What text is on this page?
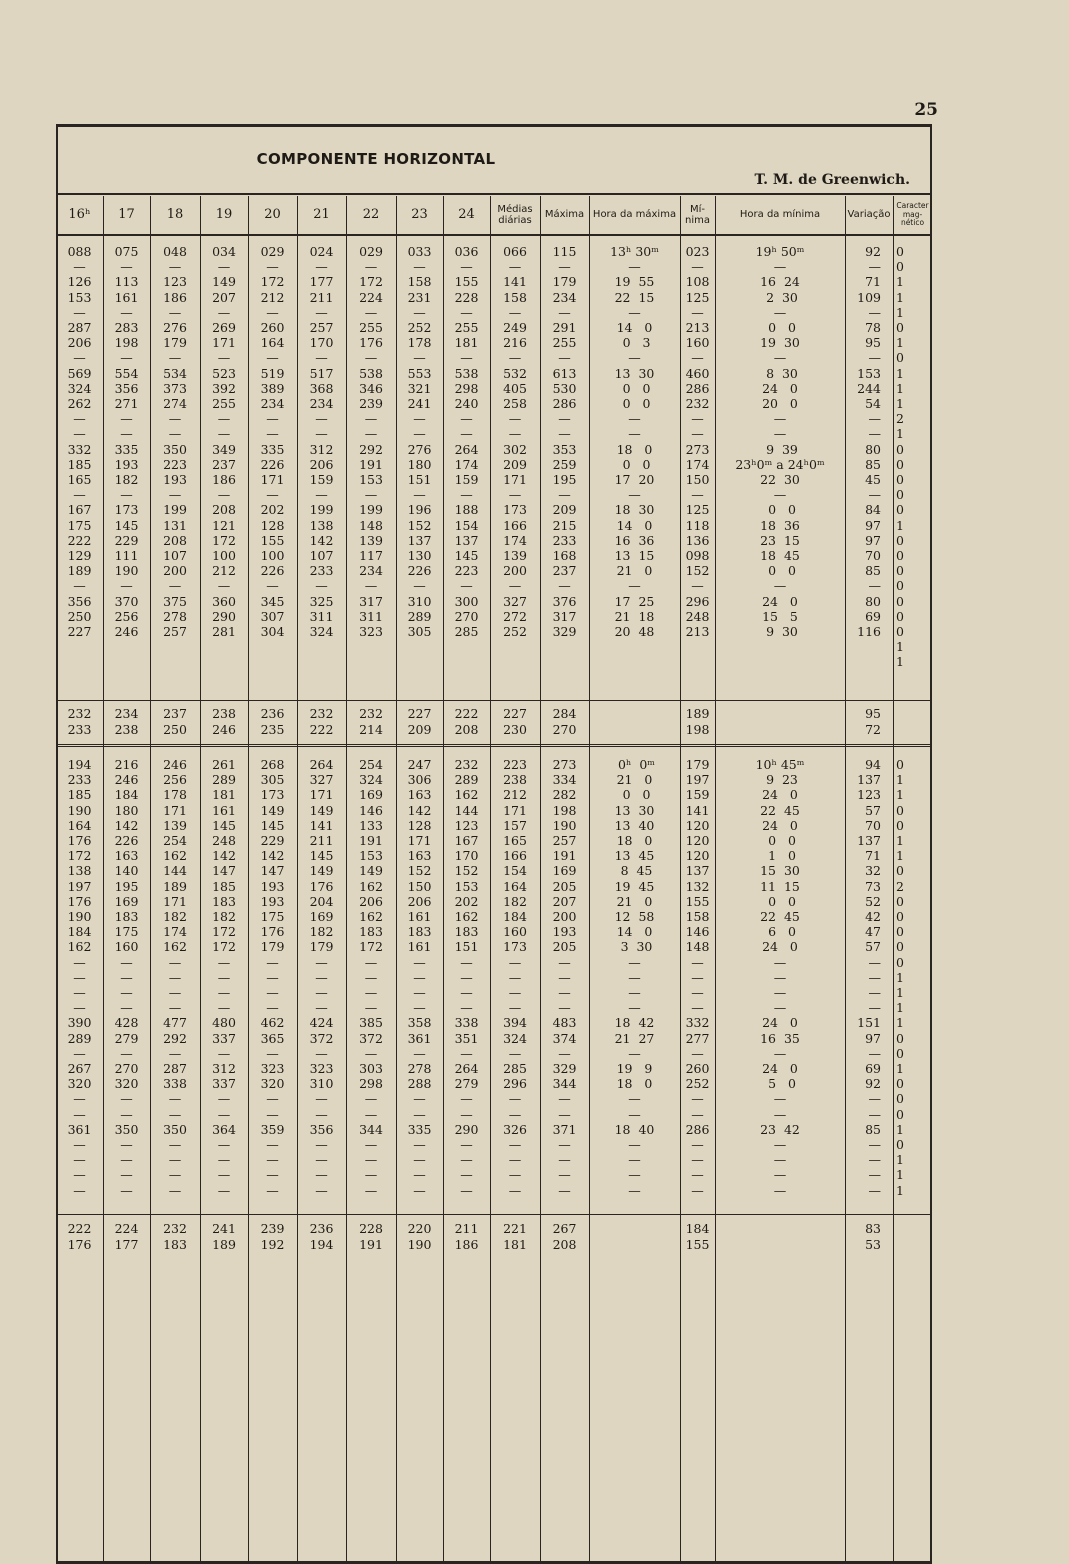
25
COMPONENTE HORIZONTAL
T. M. de Greenwich.
16ʰ
088
—
126
153
—
287
206
—
569
324
262
—
—
332
185
165
—
167
175
222
129
189
—
356
250
227
232
233
194
233
185
190
164
176
172
138
197
176
190
184
162
—
—
—
—
390
289
—
267
320
—
—
361
—
—
—
—
222
176
17
075
—
113
161
—
283
198
—
554
356
271
—
—
335
193
182
—
173
145
229
111
190
—
370
256
246
234
238
216
246
184
180
142
226
163
140
195
169
183
175
160
—
—
—
—
428
279
—
270
320
—
—
350
—
—
—
—
224
177
18
048
—
123
186
—
276
179
—
534
373
274
—
—
350
223
193
—
199
131
208
107
200
—
375
278
257
237
250
246
256
178
171
139
254
162
144
189
171
182
174
162
—
—
—
—
477
292
—
287
338
—
—
350
—
—
—
—
232
183
19
034
—
149
207
—
269
171
—
523
392
255
—
—
349
237
186
—
208
121
172
100
212
—
360
290
281
238
246
261
289
181
161
145
248
142
147
185
183
182
172
172
—
—
—
—
480
337
—
312
337
—
—
364
—
—
—
—
241
189
20
029
—
172
212
—
260
164
—
519
389
234
—
—
335
226
171
—
202
128
155
100
226
—
345
307
304
236
235
268
305
173
149
145
229
142
147
193
193
175
176
179
—
—
—
—
462
365
—
323
320
—
—
359
—
—
—
—
239
192
21
024
—
177
211
—
257
170
—
517
368
234
—
—
312
206
159
—
199
138
142
107
233
—
325
311
324
232
222
264
327
171
149
141
211
145
149
176
204
169
182
179
—
—
—
—
424
372
—
323
310
—
—
356
—
—
—
—
236
194
22
029
—
172
224
—
255
176
—
538
346
239
—
—
292
191
153
—
199
148
139
117
234
—
317
311
323
232
214
254
324
169
146
133
191
153
149
162
206
162
183
172
—
—
—
—
385
372
—
303
298
—
—
344
—
—
—
—
228
191
23
033
—
158
231
—
252
178
—
553
321
241
—
—
276
180
151
—
196
152
137
130
226
—
310
289
305
227
209
247
306
163
142
128
171
163
152
150
206
161
183
161
—
—
—
—
358
361
—
278
288
—
—
335
—
—
—
—
220
190
24
036
—
155
228
—
255
181
—
538
298
240
—
—
264
174
159
—
188
154
137
145
223
—
300
270
285
222
208
232
289
162
144
123
167
170
152
153
202
162
183
151
—
—
—
—
338
351
—
264
279
—
—
290
—
—
—
—
211
186
Médias diárias
066
—
141
158
—
249
216
—
532
405
258
—
—
302
209
171
—
173
166
174
139
200
—
327
272
252
227
230
223
238
212
171
157
165
166
154
164
182
184
160
173
—
—
—
—
394
324
—
285
296
—
—
326
—
—
—
—
221
181
Máxima
115
—
179
234
—
291
255
—
613
530
286
—
—
353
259
195
—
209
215
233
168
237
—
376
317
329
284
270
273
334
282
198
190
257
191
169
205
207
200
193
205
—
—
—
—
483
374
—
329
344
—
—
371
—
—
—
—
267
208
Hora da máxima
13ʰ 30ᵐ
—
19  55
22  15
—
14   0
0   3
—
13  30
0   0
0   0
—
—
18   0
0   0
17  20
—
18  30
14   0
16  36
13  15
21   0
—
17  25
21  18
20  48
0ʰ  0ᵐ
21   0
0   0
13  30
13  40
18   0
13  45
8  45
19  45
21   0
12  58
14   0
3  30
—
—
—
—
18  42
21  27
—
19   9
18   0
—
—
18  40
—
—
—
—
Mí- nima
023
—
108
125
—
213
160
—
460
286
232
—
—
273
174
150
—
125
118
136
098
152
—
296
248
213
189
198
179
197
159
141
120
120
120
137
132
155
158
146
148
—
—
—
—
332
277
—
260
252
—
—
286
—
—
—
—
184
155
Hora da mínima
19ʰ 50ᵐ
—
16  24
2  30
—
0   0
19  30
—
8  30
24   0
20   0
—
—
9  39
23ʰ0ᵐ a 24ʰ0ᵐ
22  30
—
0   0
18  36
23  15
18  45
0   0
—
24   0
15   5
9  30
10ʰ 45ᵐ
9  23
24   0
22  45
24   0
0   0
1   0
15  30
11  15
0   0
22  45
6   0
24   0
—
—
—
—
24   0
16  35
—
24   0
5   0
—
—
23  42
—
—
—
—
Variação
92
—
71
109
—
78
95
—
153
244
54
—
—
80
85
45
—
84
97
97
70
85
—
80
69
116
95
72
94
137
123
57
70
137
71
32
73
52
42
47
57
—
—
—
—
151
97
—
69
92
—
—
85
—
—
—
—
83
53
Caracter mag- nético
0
0
1
1
1
0
1
0
1
1
1
2
1
0
0
0
0
0
1
0
0
0
0
0
0
0
1
1
0
1
1
0
0
1
1
0
2
0
0
0
0
0
1
1
1
1
0
0
1
0
0
0
1
0
1
1
1
